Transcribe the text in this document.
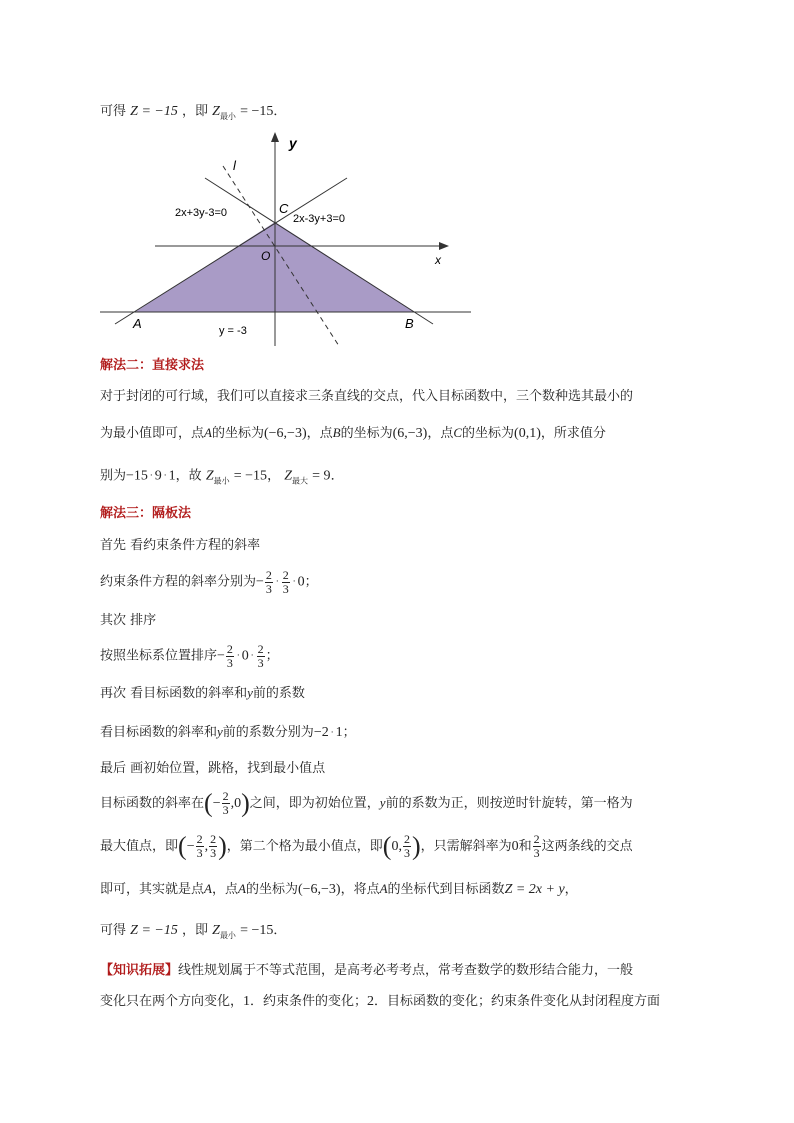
可得 Z = −15 ，即 $Z_{最小} = -15$．
y
x
O
C
A	B
l
2x+3y-3=0	2x-3y+3=0
y = -3
解法二：直接求法
对于封闭的可行域，我们可以直接求三条直线的交点，代入目标函数中，三个数种选其最小的
为最小值即可，点A的坐标为(−6,−3)，点B的坐标为(6,−3)，点C的坐标为(0,1)，所求值分
别为−15 · 9 · 1，故 $Z_{最小} = -15$， $Z_{最大} = 9$．
解法三：隔板法
首先 看约束条件方程的斜率
约束条件方程的斜率分别为− $\frac{2}{3} \cdot \frac{2}{3} \cdot 0$；
其次 排序
按照坐标系位置排序− $\frac{2}{3} \cdot 0 \cdot \frac{2}{3}$ ；
再次 看目标函数的斜率和y前的系数
看目标函数的斜率和y前的系数分别为−2 · 1；
最后 画初始位置，跳格，找到最小值点
目标函数的斜率在(− $\frac{2}{3} ,0$)之间，即为初始位置，y前的系数为正，则按逆时针旋转，第一格为
最大值点，即(− $\frac{2}{3}$ , $\frac{2}{3}$ )，第二个格为最小值点，即(0, $\frac{2}{3}$ )，只需解斜率为0和 $\frac{2}{3}$ 这两条线的交点
即可，其实就是点A，点A的坐标为(−6,−3)，将点A的坐标代到目标函数Z = 2x + y，
可得 Z = −15 ，即 $Z_{最小} = -15$．
【知识拓展】线性规划属于不等式范围，是高考必考考点，常考查数学的数形结合能力，一般
变化只在两个方向变化，1．约束条件的变化；2．目标函数的变化；约束条件变化从封闭程度方面
